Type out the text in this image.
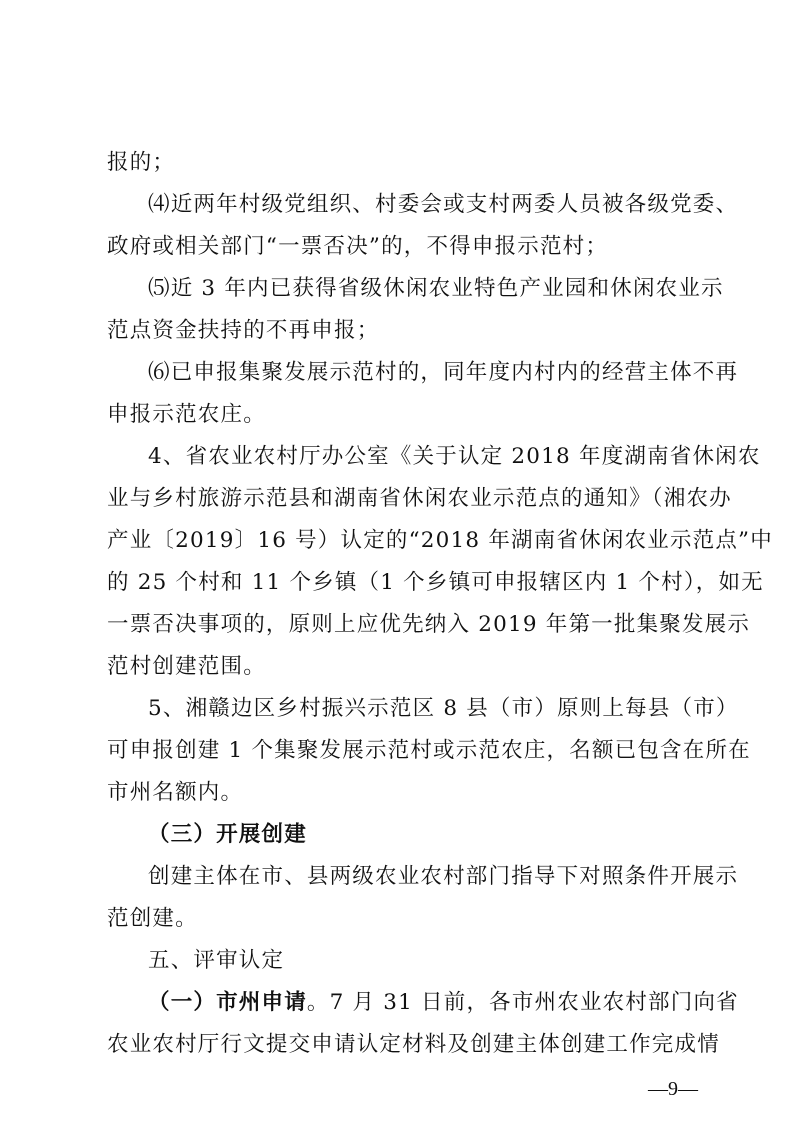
报的；
⑷近两年村级党组织、村委会或支村两委人员被各级党委、
政府或相关部门“一票否决”的，不得申报示范村；
⑸近 3 年内已获得省级休闲农业特色产业园和休闲农业示
范点资金扶持的不再申报；
⑹已申报集聚发展示范村的，同年度内村内的经营主体不再
申报示范农庄。
4、省农业农村厅办公室《关于认定 2018 年度湖南省休闲农
业与乡村旅游示范县和湖南省休闲农业示范点的通知》（湘农办
产业〔2019〕16 号）认定的“2018 年湖南省休闲农业示范点”中
的 25 个村和 11 个乡镇（1 个乡镇可申报辖区内 1 个村），如无
一票否决事项的，原则上应优先纳入 2019 年第一批集聚发展示
范村创建范围。
5、湘赣边区乡村振兴示范区 8 县（市）原则上每县（市）
可申报创建 1 个集聚发展示范村或示范农庄，名额已包含在所在
市州名额内。
（三）开展创建
创建主体在市、县两级农业农村部门指导下对照条件开展示
范创建。
五、评审认定
（一）市州申请。7 月 31 日前，各市州农业农村部门向省
农业农村厅行文提交申请认定材料及创建主体创建工作完成情
—9—
